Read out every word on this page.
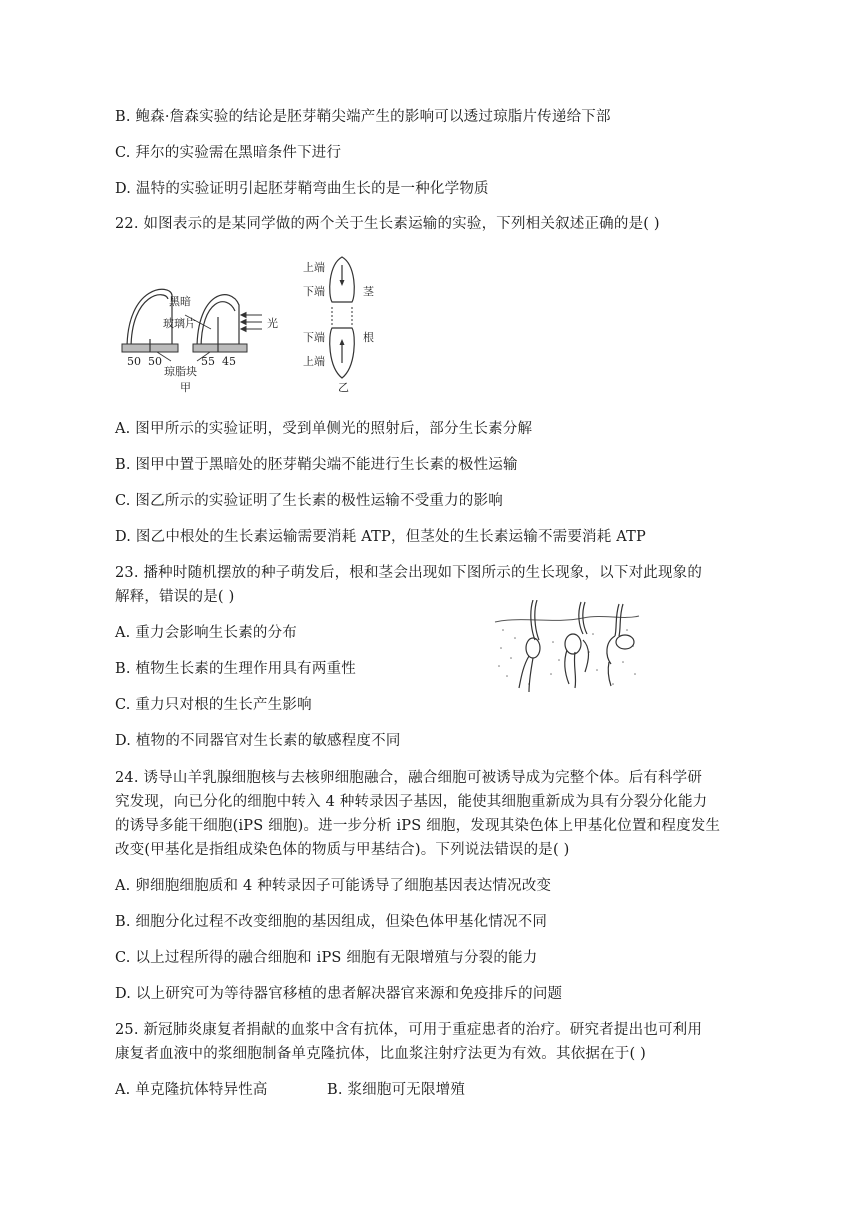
B. 鲍森·詹森实验的结论是胚芽鞘尖端产生的影响可以透过琼脂片传递给下部
C. 拜尔的实验需在黑暗条件下进行
D. 温特的实验证明引起胚芽鞘弯曲生长的是一种化学物质
22. 如图表示的是某同学做的两个关于生长素运输的实验，下列相关叙述正确的是( )
黑暗
玻璃片	光
50 50	55 45
琼脂块
甲
上端
下端	茎
下端	根
上端
乙
A. 图甲所示的实验证明，受到单侧光的照射后，部分生长素分解
B. 图甲中置于黑暗处的胚芽鞘尖端不能进行生长素的极性运输
C. 图乙所示的实验证明了生长素的极性运输不受重力的影响
D. 图乙中根处的生长素运输需要消耗 ATP，但茎处的生长素运输不需要消耗 ATP
23. 播种时随机摆放的种子萌发后，根和茎会出现如下图所示的生长现象，以下对此现象的
解释，错误的是( )
A. 重力会影响生长素的分布
B. 植物生长素的生理作用具有两重性
C. 重力只对根的生长产生影响
D. 植物的不同器官对生长素的敏感程度不同
24. 诱导山羊乳腺细胞核与去核卵细胞融合，融合细胞可被诱导成为完整个体。后有科学研
究发现，向已分化的细胞中转入 4 种转录因子基因，能使其细胞重新成为具有分裂分化能力
的诱导多能干细胞(iPS 细胞)。进一步分析 iPS 细胞，发现其染色体上甲基化位置和程度发生
改变(甲基化是指组成染色体的物质与甲基结合)。下列说法错误的是( )
A. 卵细胞细胞质和 4 种转录因子可能诱导了细胞基因表达情况改变
B. 细胞分化过程不改变细胞的基因组成，但染色体甲基化情况不同
C. 以上过程所得的融合细胞和 iPS 细胞有无限增殖与分裂的能力
D. 以上研究可为等待器官移植的患者解决器官来源和免疫排斥的问题
25. 新冠肺炎康复者捐献的血浆中含有抗体，可用于重症患者的治疗。研究者提出也可利用
康复者血液中的浆细胞制备单克隆抗体，比血浆注射疗法更为有效。其依据在于( )
A. 单克隆抗体特异性高	B. 浆细胞可无限增殖
